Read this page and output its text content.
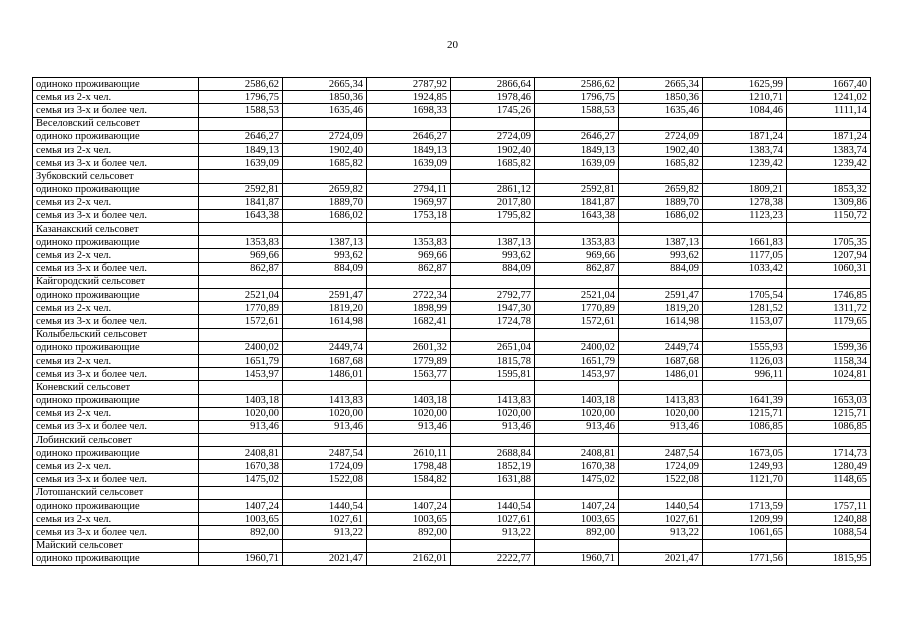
20
одиноко проживающие	2586,62	2665,34	2787,92	2866,64	2586,62	2665,34	1625,99	1667,40
семья из 2-х чел.	1796,75	1850,36	1924,85	1978,46	1796,75	1850,36	1210,71	1241,02
семья из 3-х и более чел.	1588,53	1635,46	1698,33	1745,26	1588,53	1635,46	1084,46	1111,14
Веселовский сельсовет								
одиноко проживающие	2646,27	2724,09	2646,27	2724,09	2646,27	2724,09	1871,24	1871,24
семья из 2-х чел.	1849,13	1902,40	1849,13	1902,40	1849,13	1902,40	1383,74	1383,74
семья из 3-х и более чел.	1639,09	1685,82	1639,09	1685,82	1639,09	1685,82	1239,42	1239,42
Зубковский сельсовет								
одиноко проживающие	2592,81	2659,82	2794,11	2861,12	2592,81	2659,82	1809,21	1853,32
семья из 2-х чел.	1841,87	1889,70	1969,97	2017,80	1841,87	1889,70	1278,38	1309,86
семья из 3-х и более чел.	1643,38	1686,02	1753,18	1795,82	1643,38	1686,02	1123,23	1150,72
Казанакский сельсовет								
одиноко проживающие	1353,83	1387,13	1353,83	1387,13	1353,83	1387,13	1661,83	1705,35
семья из 2-х чел.	969,66	993,62	969,66	993,62	969,66	993,62	1177,05	1207,94
семья из 3-х и более чел.	862,87	884,09	862,87	884,09	862,87	884,09	1033,42	1060,31
Кайгородский сельсовет								
одиноко проживающие	2521,04	2591,47	2722,34	2792,77	2521,04	2591,47	1705,54	1746,85
семья из 2-х чел.	1770,89	1819,20	1898,99	1947,30	1770,89	1819,20	1281,52	1311,72
семья из 3-х и более чел.	1572,61	1614,98	1682,41	1724,78	1572,61	1614,98	1153,07	1179,65
Колыбельский сельсовет								
одиноко проживающие	2400,02	2449,74	2601,32	2651,04	2400,02	2449,74	1555,93	1599,36
семья из 2-х чел.	1651,79	1687,68	1779,89	1815,78	1651,79	1687,68	1126,03	1158,34
семья из 3-х и более чел.	1453,97	1486,01	1563,77	1595,81	1453,97	1486,01	996,11	1024,81
Коневский сельсовет								
одиноко проживающие	1403,18	1413,83	1403,18	1413,83	1403,18	1413,83	1641,39	1653,03
семья из 2-х чел.	1020,00	1020,00	1020,00	1020,00	1020,00	1020,00	1215,71	1215,71
семья из 3-х и более чел.	913,46	913,46	913,46	913,46	913,46	913,46	1086,85	1086,85
Лобинский сельсовет								
одиноко проживающие	2408,81	2487,54	2610,11	2688,84	2408,81	2487,54	1673,05	1714,73
семья из 2-х чел.	1670,38	1724,09	1798,48	1852,19	1670,38	1724,09	1249,93	1280,49
семья из 3-х и более чел.	1475,02	1522,08	1584,82	1631,88	1475,02	1522,08	1121,70	1148,65
Лотошанский сельсовет								
одиноко проживающие	1407,24	1440,54	1407,24	1440,54	1407,24	1440,54	1713,59	1757,11
семья из 2-х чел.	1003,65	1027,61	1003,65	1027,61	1003,65	1027,61	1209,99	1240,88
семья из 3-х и более чел.	892,00	913,22	892,00	913,22	892,00	913,22	1061,65	1088,54
Майский сельсовет								
одиноко проживающие	1960,71	2021,47	2162,01	2222,77	1960,71	2021,47	1771,56	1815,95
